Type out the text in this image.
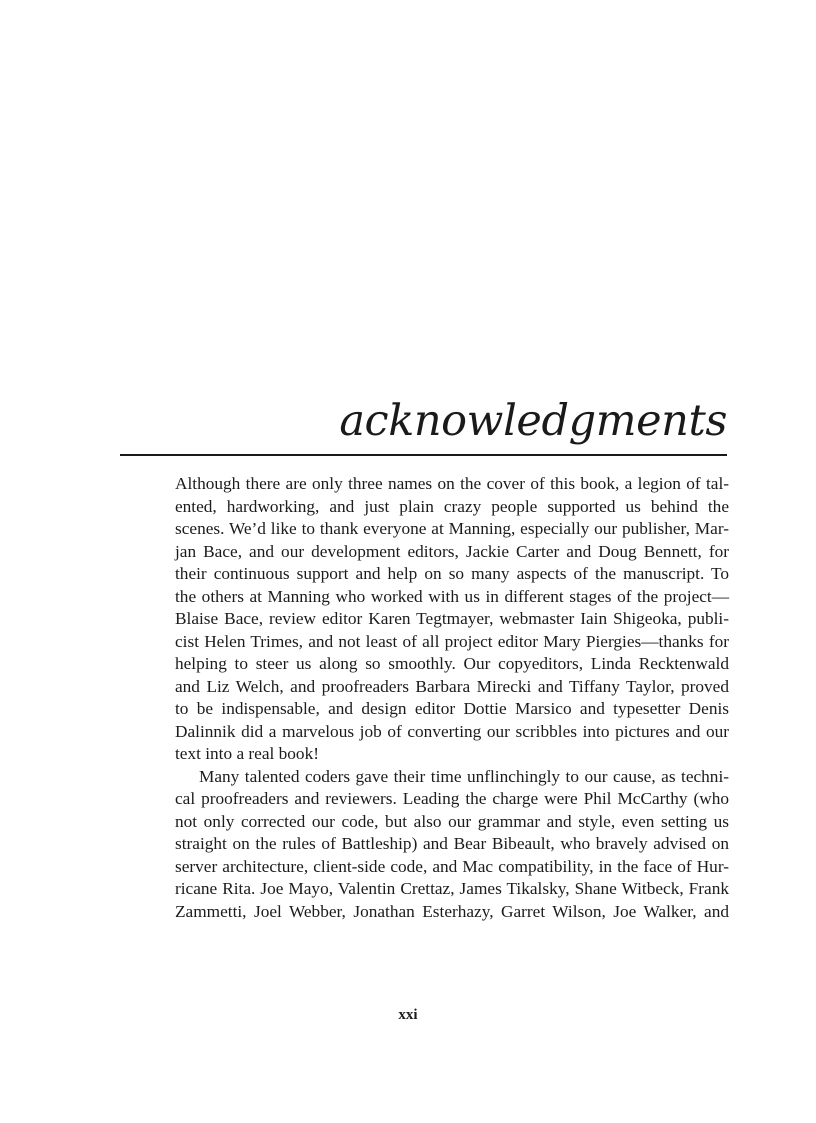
acknowledgments

Although there are only three names on the cover of this book, a legion of tal-
ented, hardworking, and just plain crazy people supported us behind the
scenes. We’d like to thank everyone at Manning, especially our publisher, Mar-
jan Bace, and our development editors, Jackie Carter and Doug Bennett, for
their continuous support and help on so many aspects of the manuscript. To
the others at Manning who worked with us in different stages of the project—
Blaise Bace, review editor Karen Tegtmayer, webmaster Iain Shigeoka, publi-
cist Helen Trimes, and not least of all project editor Mary Piergies—thanks for
helping to steer us along so smoothly. Our copyeditors, Linda Recktenwald
and Liz Welch, and proofreaders Barbara Mirecki and Tiffany Taylor, proved
to be indispensable, and design editor Dottie Marsico and typesetter Denis
Dalinnik did a marvelous job of converting our scribbles into pictures and our
text into a real book!

Many talented coders gave their time unflinchingly to our cause, as techni-
cal proofreaders and reviewers. Leading the charge were Phil McCarthy (who
not only corrected our code, but also our grammar and style, even setting us
straight on the rules of Battleship) and Bear Bibeault, who bravely advised on
server architecture, client-side code, and Mac compatibility, in the face of Hur-
ricane Rita. Joe Mayo, Valentin Crettaz, James Tikalsky, Shane Witbeck, Frank
Zammetti, Joel Webber, Jonathan Esterhazy, Garret Wilson, Joe Walker, and

xxi
